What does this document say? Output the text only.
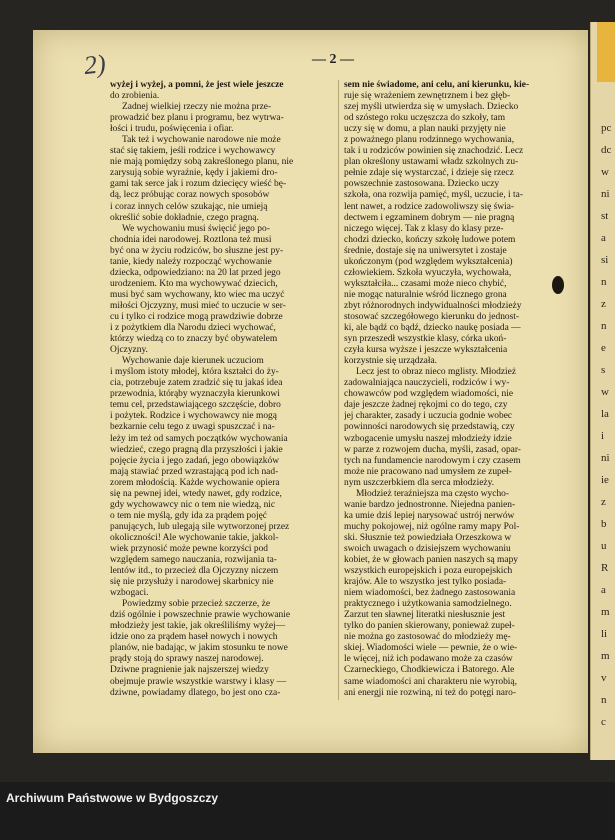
pc
dc
w
ni
st
a
si
n
z
n
e
s
w
la
i
ni
ie
z
b
u
R
a
m
li
m
v
n
c
2)	— 2 —
wyżej i wyżej, a pomni, że jest wiele jeszcze
do zrobienia.
Żadnej wielkiej rzeczy nie można prze-
prowadzić bez planu i programu, bez wytrwa-
łości i trudu, poświęcenia i ofiar.
Tak też i wychowanie narodowe nie może
stać się takiem, jeśli rodzice i wychowawcy
nie mają pomiędzy sobą zakreślonego planu, nie
zarysują sobie wyraźnie, kędy i jakiemi dro-
gami tak serce jak i rozum dziecięcy wieść bę-
dą, lecz próbując coraz nowych sposobów
i coraz innych celów szukając, nie umieją
określić sobie dokładnie, czego pragną.
We wychowaniu musi święcić jego po-
chodnia idei narodowej. Roztlona też musi
być ona w życiu rodziców, bo słuszne jest py-
tanie, kiedy należy rozpocząć wychowanie
dziecka, odpowiedziano: na 20 lat przed jego
urodzeniem. Kto ma wychowywać dziecich,
musi być sam wychowany, kto wiec ma uczyć
miłości Ojczyzny, musi mieć to uczucie w ser-
cu i tylko ci rodzice mogą prawdziwie dobrze
i z pożytkiem dla Narodu dzieci wychować,
którzy wiedzą co to znaczy być obywatelem
Ojczyzny.
Wychowanie daje kierunek uczuciom
i myślom istoty młodej, która kształci do ży-
cia, potrzebuje zatem zradzić się tu jakaś idea
przewodnia, którąby wyznaczyła kierunkowi
temu cel, przedstawiającego szczęście, dobro
i pożytek. Rodzice i wychowawcy nie mogą
bezkarnie celu tego z uwagi spuszczać i na-
leży im też od samych początków wychowania
wiedzieć, czego pragną dla przyszłości i jakie
pojęcie życia i jego zadań, jego obowiązków
mają stawiać przed wzrastającą pod ich nad-
zorem młodością. Każde wychowanie opiera
się na pewnej idei, wtedy nawet, gdy rodzice,
gdy wychowawcy nic o tem nie wiedzą, nic
o tem nie myślą, gdy ida za prądem pojęć
panujących, lub ulegają sile wytworzonej przez
okoliczności! Ale wychowanie takie, jakkol-
wiek przynosić może pewne korzyści pod
względem samego nauczania, rozwijania ta-
lentów itd., to przecież dla Ojczyzny niczem
się nie przysłuży i narodowej skarbnicy nie
wzbogaci.
Powiedzmy sobie przecież szczerze, że
dziś ogólnie i powszechnie prawie wychowanie
młodzieży jest takie, jak określiliśmy wyżej—
idzie ono za prądem haseł nowych i nowych
planów, nie badając, w jakim stosunku te nowe
prądy stoją do sprawy naszej narodowej.
Dziwne pragnienie jak najszerszej wiedzy
obejmuje prawie wszystkie warstwy i klasy —
dziwne, powiadamy dlatego, bo jest ono cza-
sem nie świadome, ani celu, ani kierunku, kie-
ruje się wrażeniem zewnętrznem i bez głęb-
szej myśli utwierdza się w umysłach. Dziecko
od szóstego roku uczęszcza do szkoły, tam
uczy się w domu, a plan nauki przyjęty nie
z poważnego planu rodzinnego wychowania,
tak i u rodziców powinien się znachodzić. Lecz
plan określony ustawami władz szkolnych zu-
pełnie zdaje się wystarczać, i dzieje się rzecz
powszechnie zastosowana. Dziecko uczy
szkoła, ona rozwija pamięć, myśl, uczucie, i ta-
lent nawet, a rodzice zadowoliwszy się świa-
dectwem i egzaminem dobrym — nie pragną
niczego więcej. Tak z klasy do klasy prze-
chodzi dziecko, kończy szkołę ludowe potem
średnie, dostaje się na uniwersytet i zostaje
ukończonym (pod względem wykształcenia)
człowiekiem. Szkoła wyuczyła, wychowała,
wykształciła... czasami może nieco chybić,
nie mogąc naturalnie wśród licznego grona
zbyt różnorodnych indywidualności młodzieży
stosować szczegółowego kierunku do jednost-
ki, ale bądź co bądź, dziecko naukę posiada —
syn przeszedł wszystkie klasy, córka ukoń-
czyła kursa wyższe i jeszcze wykształcenia
korzystnie się urządzała.
Lecz jest to obraz nieco mglisty. Młodzież
zadowalniająca nauczycieli, rodziców i wy-
chowawców pod względem wiadomości, nie
daje jeszcze żadnej rękojmi co do tego, czy
jej charakter, zasady i uczucia godnie wobec
powinności narodowych się przedstawią, czy
wzbogacenie umysłu naszej młodzieży idzie
w parze z rozwojem ducha, myśli, zasad, opar-
tych na fundamencie narodowym i czy czasem
może nie pracowano nad umysłem ze zupeł-
nym uszczerbkiem dla serca młodzieży.
Młodzież teraźniejsza ma często wycho-
wanie bardzo jednostronne. Niejedna panien-
ka umie dziś lepiej narysować ustrój nerwów
muchy pokojowej, niż ogólne ramy mapy Pol-
ski. Słusznie też powiedziała Orzeszkowa w
swoich uwagach o dzisiejszem wychowaniu
kobiet, że w głowach panien naszych są mapy
wszystkich europejskich i poza europejskich
krajów. Ale to wszystko jest tylko posiada-
niem wiadomości, bez żadnego zastosowania
praktycznego i użytkowania samodzielnego.
Zarzut ten sławnej literatki niesłusznie jest
tylko do panien skierowany, ponieważ zupeł-
nie można go zastosować do młodzieży mę-
skiej. Wiadomości wiele — pewnie, że o wie-
le więcej, niż ich podawano może za czasów
Czarneckiego, Chodkiewicza i Batorego. Ale
same wiadomości ani charakteru nie wyrobią,
ani energji nie rozwiną, ni też do potęgi naro-
Archiwum Państwowe w Bydgoszczy
